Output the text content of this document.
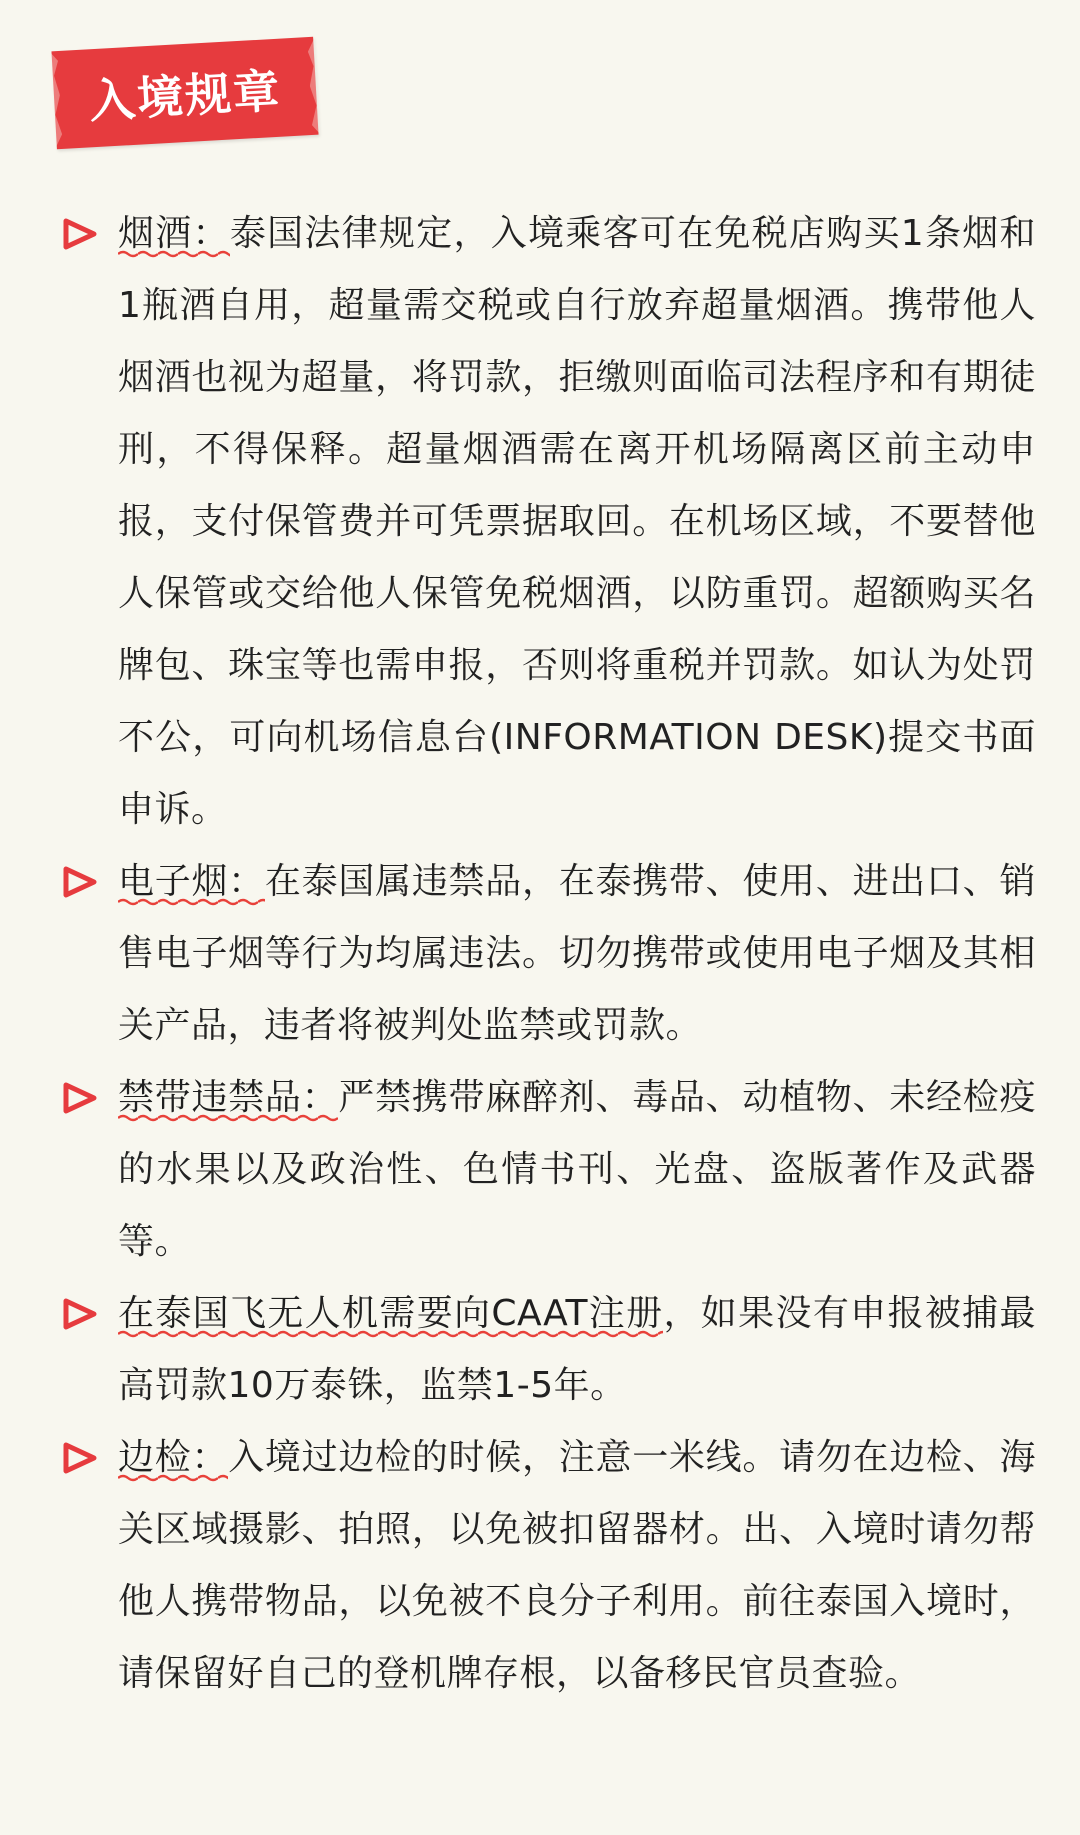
入境规章

烟酒：泰国法律规定，入境乘客可在免税店购买1条烟和1瓶酒自用，超量需交税或自行放弃超量烟酒。携带他人烟酒也视为超量，将罚款，拒缴则面临司法程序和有期徒刑，不得保释。超量烟酒需在离开机场隔离区前主动申报，支付保管费并可凭票据取回。在机场区域，不要替他人保管或交给他人保管免税烟酒，以防重罚。超额购买名牌包、珠宝等也需申报，否则将重税并罚款。如认为处罚不公，可向机场信息台(INFORMATION DESK)提交书面申诉。

电子烟：在泰国属违禁品，在泰携带、使用、进出口、销售电子烟等行为均属违法。切勿携带或使用电子烟及其相关产品，违者将被判处监禁或罚款。

禁带违禁品：严禁携带麻醉剂、毒品、动植物、未经检疫的水果以及政治性、色情书刊、光盘、盗版著作及武器等。

在泰国飞无人机需要向CAAT注册，如果没有申报被捕最高罚款10万泰铢，监禁1-5年。

边检：入境过边检的时候，注意一米线。请勿在边检、海关区域摄影、拍照，以免被扣留器材。出、入境时请勿帮他人携带物品，以免被不良分子利用。前往泰国入境时，请保留好自己的登机牌存根，以备移民官员查验。
